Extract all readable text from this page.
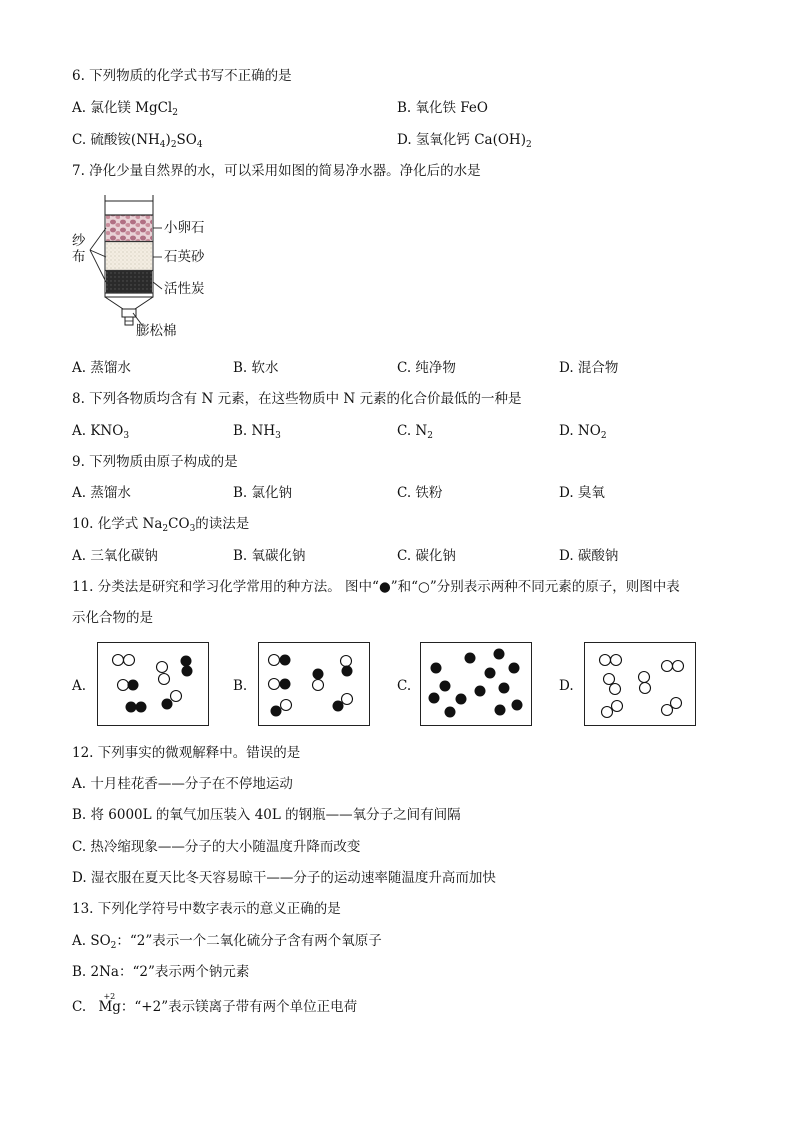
6. 下列物质的化学式书写不正确的是
A. 氯化镁 MgCl$_2$	B. 氧化铁 FeO
C. 硫酸铵$(NH_4)_2SO_4$	D. 氢氧化钙 $Ca(OH)_2$
7. 净化少量自然界的水，可以采用如图的简易净水器。净化后的水是
纱布
小卵石
石英砂
活性炭
膨松棉
A. 蒸馏水	B. 软水	C. 纯净物	D. 混合物
8. 下列各物质均含有 N 元素，在这些物质中 N 元素的化合价最低的一种是
A. $KNO_3$	B. $NH_3$	C. $N_2$	D. $NO_2$
9. 下列物质由原子构成的是
A. 蒸馏水	B. 氯化钠	C. 铁粉	D. 臭氧
10. 化学式 $Na_2CO_3$的读法是
A. 三氧化碳钠	B. 氧碳化钠	C. 碳化钠	D. 碳酸钠
11. 分类法是研究和学习化学常用的种方法。 图中“●”和“○”分别表示两种不同元素的原子，则图中表
示化合物的是
A.	B.	C.	D.
12. 下列事实的微观解释中。错误的是
A. 十月桂花香——分子在不停地运动
B. 将 6000L 的氧气加压装入 40L 的钢瓶——氧分子之间有间隔
C. 热冷缩现象——分子的大小随温度升降而改变
D. 湿衣服在夏天比冬天容易晾干——分子的运动速率随温度升高而加快
13. 下列化学符号中数字表示的意义正确的是
A. $SO_2$：“2”表示一个二氧化硫分子含有两个氧原子
B. 2Na：“2”表示两个钠元素
C.
+2
Mg：“+2”表示镁离子带有两个单位正电荷
